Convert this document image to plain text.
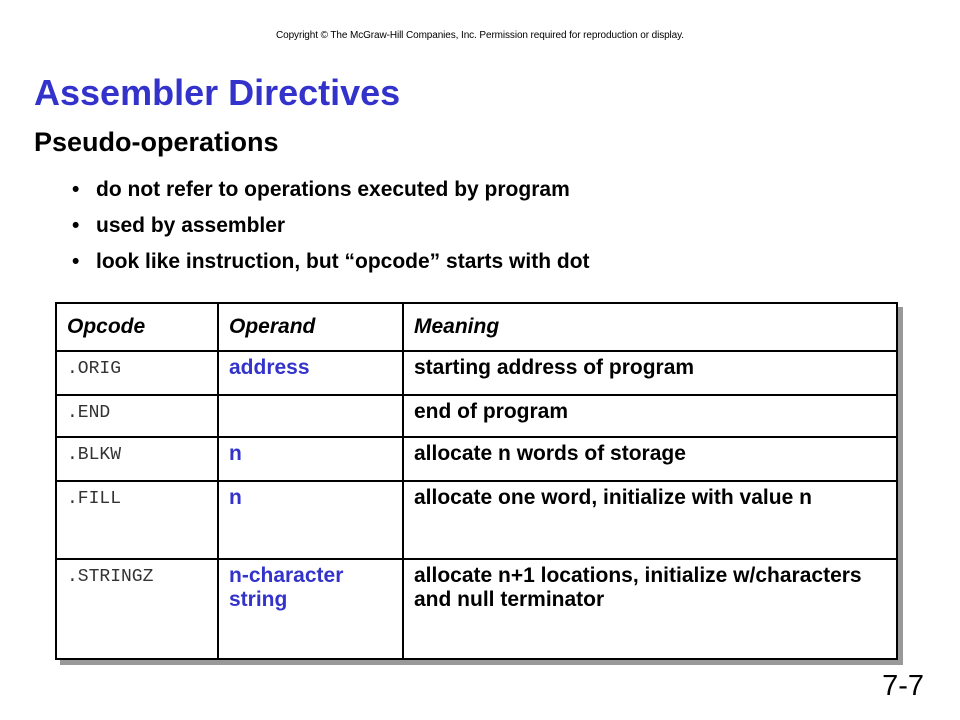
Copyright © The McGraw-Hill Companies, Inc. Permission required for reproduction or display.
Assembler Directives
Pseudo-operations
• do not refer to operations executed by program
• used by assembler
• look like instruction, but “opcode” starts with dot
Opcode	Operand	Meaning

.ORIG	address	starting address of program

.END		end of program

.BLKW	n	allocate n words of storage

.FILL	n	allocate one word, initialize with value n

.STRINGZ	n-character string	allocate n+1 locations, initialize w/characters and null terminator
7-7
